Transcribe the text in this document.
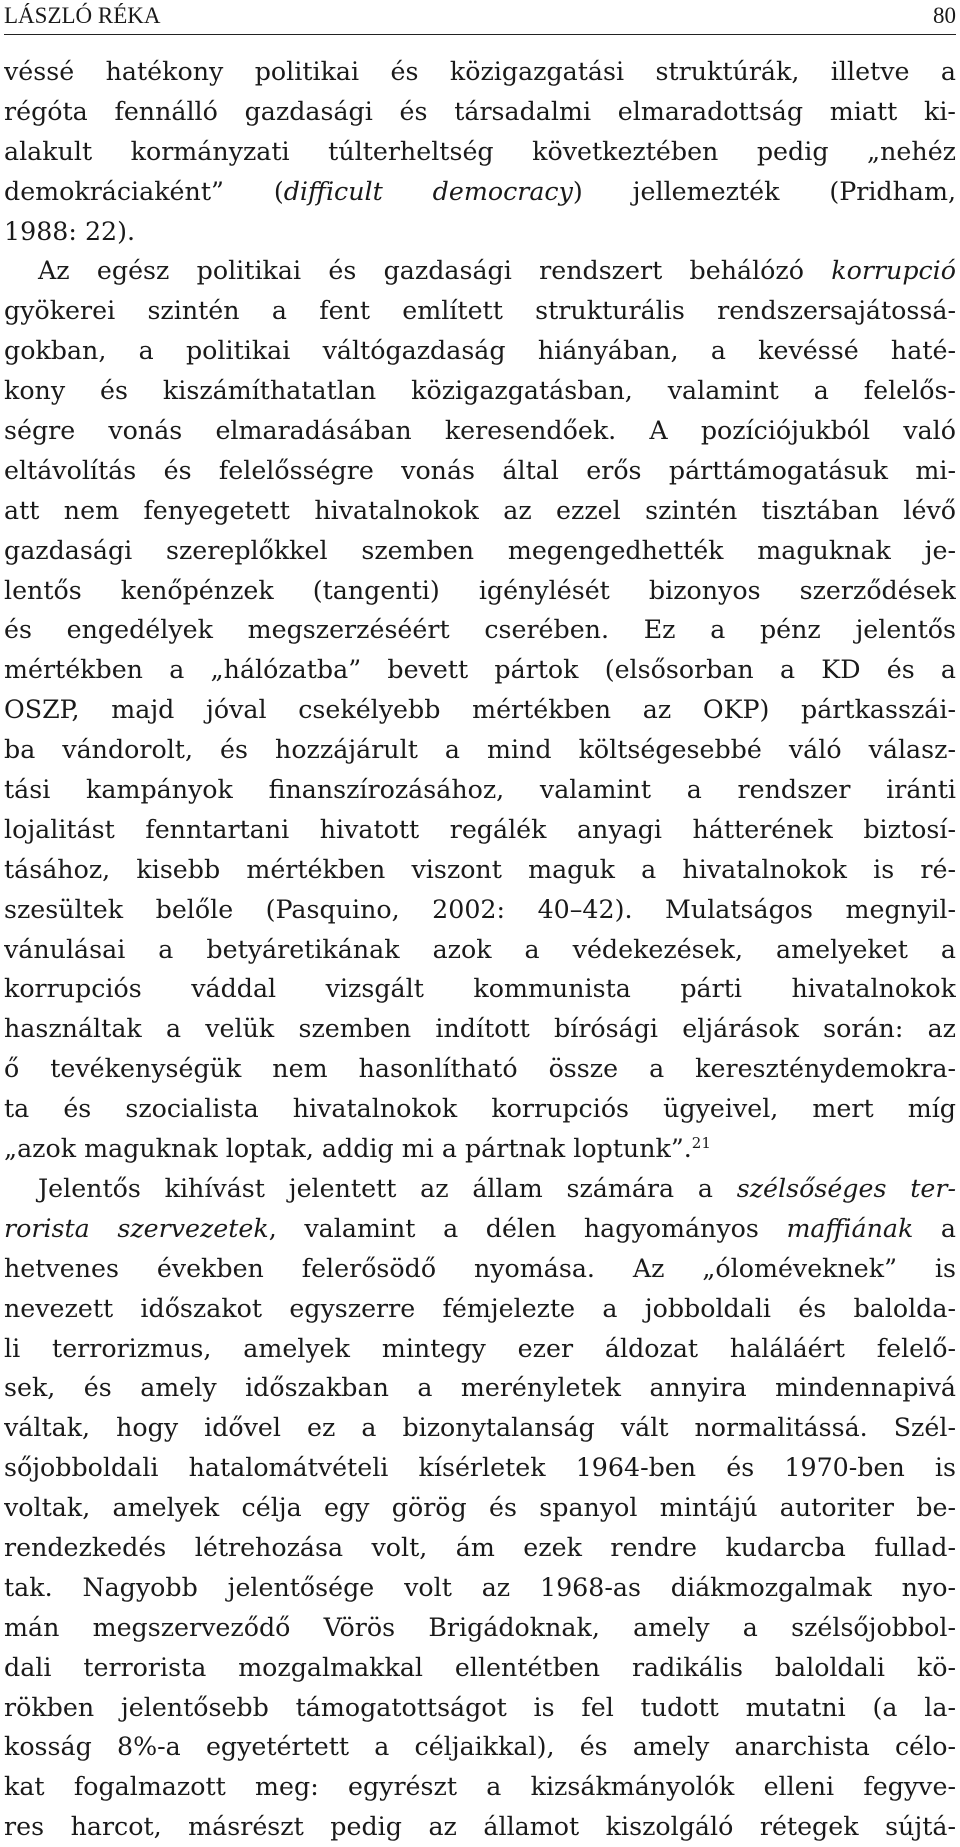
LÁSZLÓ RÉKA	80
véssé hatékony politikai és közigazgatási struktúrák, illetve a
régóta fennálló gazdasági és társadalmi elmaradottság miatt ki-
alakult kormányzati túlterheltség következtében pedig „nehéz
demokráciaként” (difficult democracy) jellemezték (Pridham,
1988: 22).
Az egész politikai és gazdasági rendszert behálózó korrupció
gyökerei szintén a fent említett strukturális rendszersajátossá-
gokban, a politikai váltógazdaság hiányában, a kevéssé haté-
kony és kiszámíthatatlan közigazgatásban, valamint a felelős-
ségre vonás elmaradásában keresendőek. A pozíciójukból való
eltávolítás és felelősségre vonás által erős párttámogatásuk mi-
att nem fenyegetett hivatalnokok az ezzel szintén tisztában lévő
gazdasági szereplőkkel szemben megengedhették maguknak je-
lentős kenőpénzek (tangenti) igénylését bizonyos szerződések
és engedélyek megszerzéséért cserében. Ez a pénz jelentős
mértékben a „hálózatba” bevett pártok (elsősorban a KD és a
OSZP, majd jóval csekélyebb mértékben az OKP) pártkasszái-
ba vándorolt, és hozzájárult a mind költségesebbé váló válasz-
tási kampányok finanszírozásához, valamint a rendszer iránti
lojalitást fenntartani hivatott regálék anyagi hátterének biztosí-
tásához, kisebb mértékben viszont maguk a hivatalnokok is ré-
szesültek belőle (Pasquino, 2002: 40–42). Mulatságos megnyil-
vánulásai a betyáretikának azok a védekezések, amelyeket a
korrupciós váddal vizsgált kommunista párti hivatalnokok
használtak a velük szemben indított bírósági eljárások során: az
ő tevékenységük nem hasonlítható össze a kereszténydemokra-
ta és szocialista hivatalnokok korrupciós ügyeivel, mert míg
„azok maguknak loptak, addig mi a pártnak loptunk”.$^{21}$
Jelentős kihívást jelentett az állam számára a szélsőséges ter-
rorista szervezetek, valamint a délen hagyományos maffiának a
hetvenes években felerősödő nyomása. Az „óloméveknek” is
nevezett időszakot egyszerre fémjelezte a jobboldali és balolda-
li terrorizmus, amelyek mintegy ezer áldozat haláláért felelő-
sek, és amely időszakban a merényletek annyira mindennapivá
váltak, hogy idővel ez a bizonytalanság vált normalitássá. Szél-
sőjobboldali hatalomátvételi kísérletek 1964-ben és 1970-ben is
voltak, amelyek célja egy görög és spanyol mintájú autoriter be-
rendezkedés létrehozása volt, ám ezek rendre kudarcba fullad-
tak. Nagyobb jelentősége volt az 1968-as diákmozgalmak nyo-
mán megszerveződő Vörös Brigádoknak, amely a szélsőjobbol-
dali terrorista mozgalmakkal ellentétben radikális baloldali kö-
rökben jelentősebb támogatottságot is fel tudott mutatni (a la-
kosság 8%-a egyetértett a céljaikkal), és amely anarchista célo-
kat fogalmazott meg: egyrészt a kizsákmányolók elleni fegyve-
res harcot, másrészt pedig az államot kiszolgáló rétegek sújtá-
